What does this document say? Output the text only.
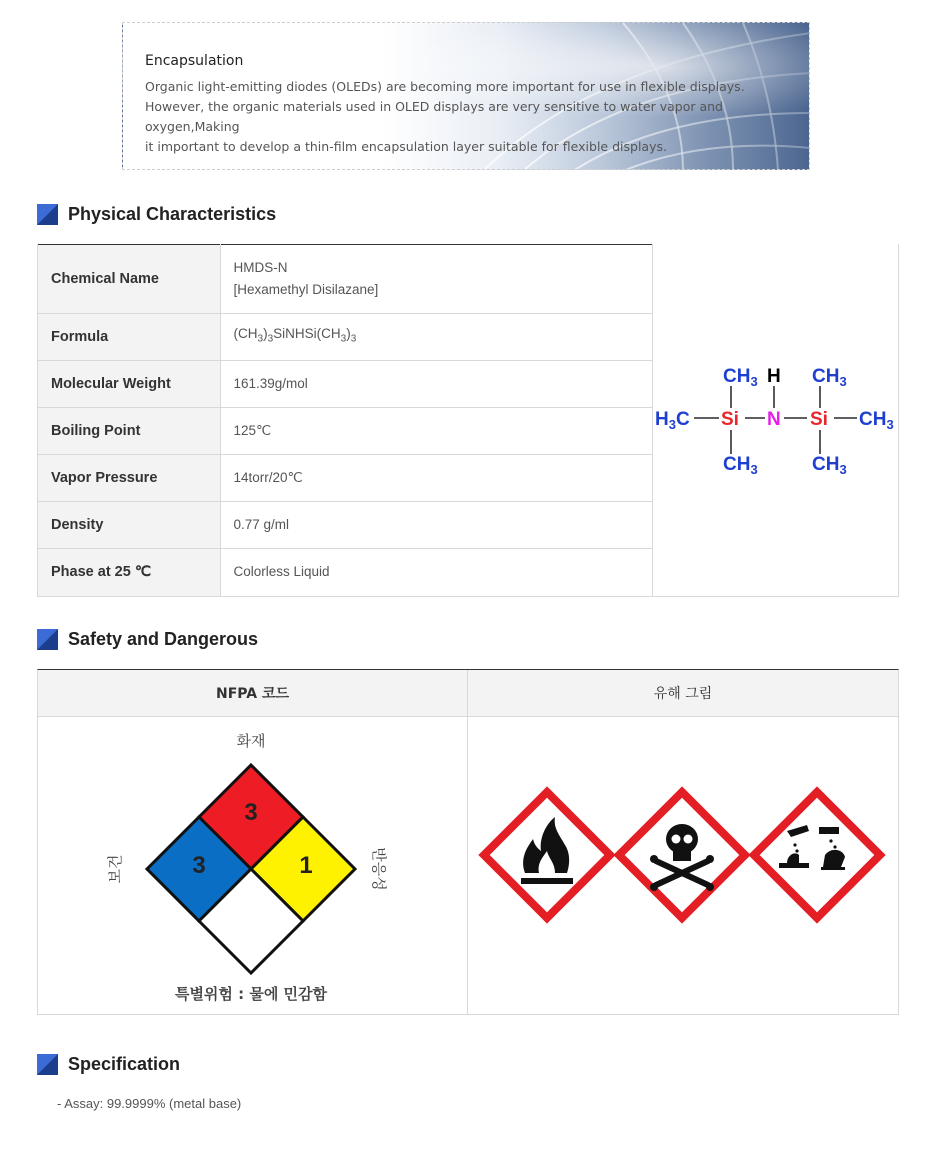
Encapsulation

Organic light-emitting diodes (OLEDs) are becoming more important for use in flexible displays.
However, the organic materials used in OLED displays are very sensitive to water vapor and oxygen,Making
it important to develop a thin-film encapsulation layer suitable for flexible displays.

Physical Characteristics
Chemical Name	HMDS-N
[Hexamethyl Disilazane]
Formula	$(CH_3)_3SiNHSi(CH_3)_3$
Molecular Weight	161.39g/mol
Boiling Point	125℃
Vapor Pressure	14torr/20℃
Density	0.77 g/ml
Phase at 25 ℃	Colorless Liquid
$CH_3$ H $CH_3$
$H_3C$ Si N Si $CH_3$
$CH_3$	$CH_3$
Safety and Dangerous
NFPA 코드	유해 그림
3
3	1
화재
보건	반응성
특별위험 : 물에 민감함
Specification
- Assay: 99.9999% (metal base)
